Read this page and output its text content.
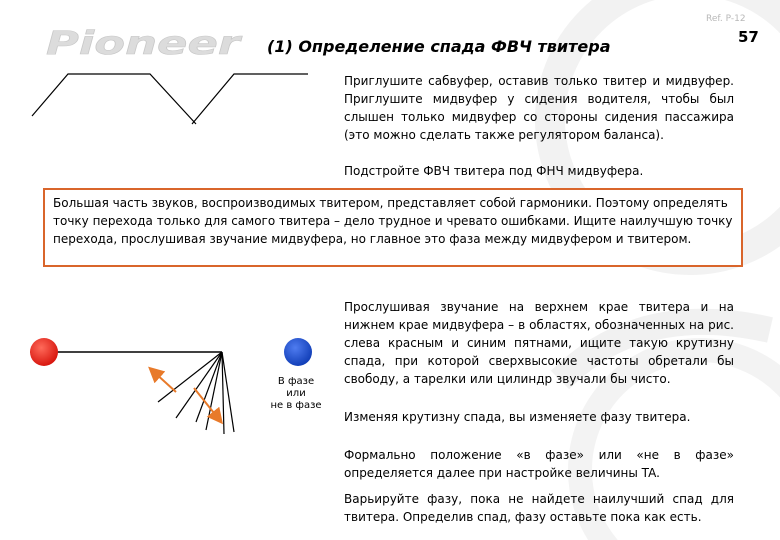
Pioneer
Ref. P-12
57
(1) Определение спада ФВЧ твитера

Приглушите сабвуфер, оставив только твитер и мидвуфер. Приглушите мидвуфер у сидения водителя, чтобы был слышен только мидвуфер со стороны сидения пассажира (это можно сделать также регулятором баланса).

Подстройте ФВЧ твитера под ФНЧ мидвуфера.

Большая часть звуков, воспроизводимых твитером, представляет собой гармоники. Поэтому определять точку перехода только для самого твитера – дело трудное и чревато ошибками. Ищите наилучшую точку перехода, прослушивая звучание мидвуфера, но главное это фаза между мидвуфером и твитером.
В фазе
или
не в фазе

Прослушивая звучание на верхнем крае твитера и на нижнем крае мидвуфера – в областях, обозначенных на рис. слева красным и синим пятнами, ищите такую крутизну спада, при которой сверхвысокие частоты обретали бы свободу, а тарелки или цилиндр звучали бы чисто.

Изменяя крутизну спада, вы изменяете фазу твитера.

Формально положение «в фазе» или «не в фазе» определяется далее при настройке величины TA.

Варьируйте фазу, пока не найдете наилучший спад для твитера. Определив спад, фазу оставьте пока как есть.
